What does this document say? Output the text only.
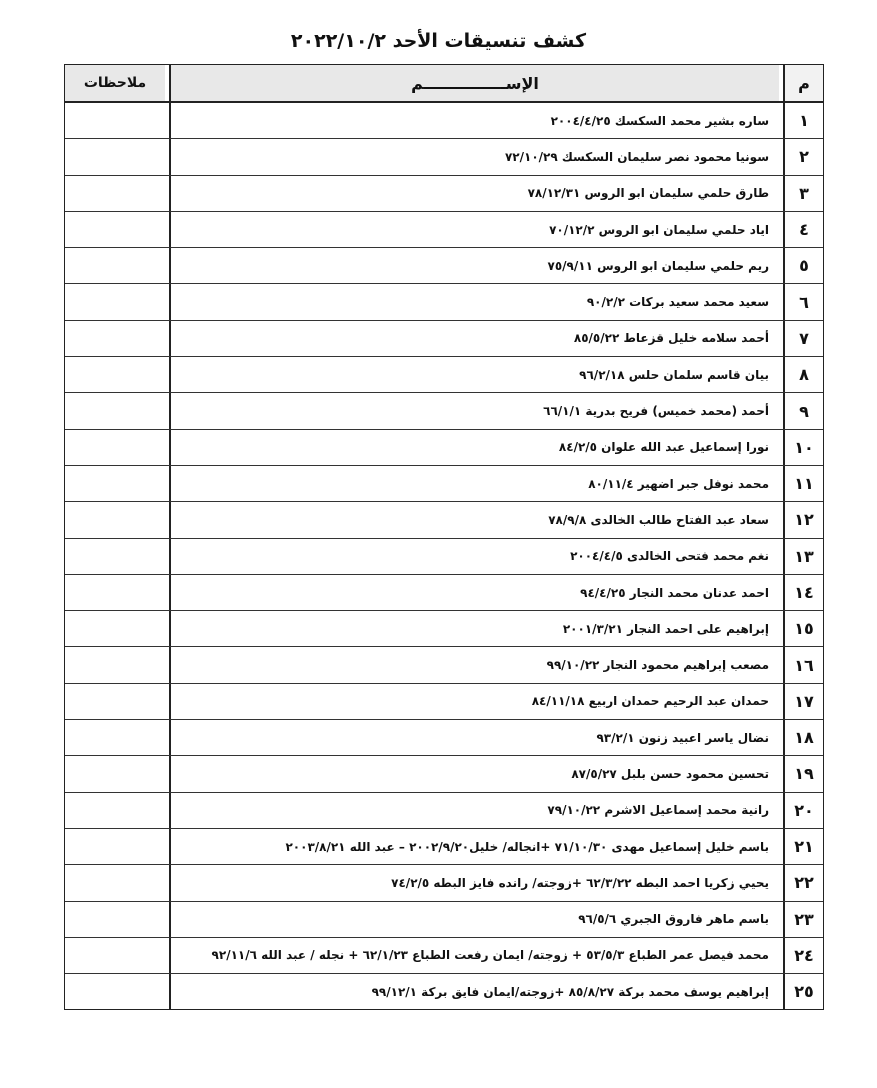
كشف تنسيقات الأحد ٢٠٢٢/١٠/٢
م
الإســـــــــــــــم
ملاحظات
١
ساره بشير محمد السكسك ٢٠٠٤/٤/٢٥
٢
سونيا محمود نصر سليمان السكسك ٧٢/١٠/٢٩
٣
طارق حلمي سليمان ابو الروس ٧٨/١٢/٣١
٤
اياد حلمي سليمان ابو الروس ٧٠/١٢/٢
٥
ريم حلمي سليمان ابو الروس ٧٥/٩/١١
٦
سعيد محمد سعيد بركات ٩٠/٢/٢
٧
أحمد سلامه خليل قزعاط ٨٥/٥/٢٢
٨
بيان قاسم سلمان حلس ٩٦/٢/١٨
٩
أحمد (محمد خميس) فريح بدرية ٦٦/١/١
١٠
نورا إسماعيل عبد الله علوان ٨٤/٢/٥
١١
محمد نوفل جبر اضهير ٨٠/١١/٤
١٢
سعاد عبد الفتاح طالب الخالدى ٧٨/٩/٨
١٣
نغم محمد فتحى الخالدى ٢٠٠٤/٤/٥
١٤
احمد عدنان محمد النجار ٩٤/٤/٢٥
١٥
إبراهيم على احمد النجار ٢٠٠١/٣/٢١
١٦
مصعب إبراهيم محمود النجار ٩٩/١٠/٢٢
١٧
حمدان عبد الرحيم حمدان اربيع ٨٤/١١/١٨
١٨
نضال ياسر اعبيد زنون ٩٣/٢/١
١٩
تحسين محمود حسن بلبل ٨٧/٥/٢٧
٢٠
رانية محمد إسماعيل الاشرم ٧٩/١٠/٢٢
٢١
باسم خليل إسماعيل مهدى ٧١/١٠/٣٠ +انجاله/ خليل٢٠٠٢/٩/٢٠ – عبد الله ٢٠٠٣/٨/٢١
٢٢
يحيي زكريا احمد البطه ٦٢/٣/٢٢ +زوجته/ رانده فايز البطه ٧٤/٢/٥
٢٣
باسم ماهر فاروق الجبري ٩٦/٥/٦
٢٤
محمد فيصل عمر الطباع ٥٣/٥/٣ + زوجته/ ايمان رفعت الطباع ٦٢/١/٢٣ + نجله / عبد الله ٩٢/١١/٦
٢٥
إبراهيم يوسف محمد بركة ٨٥/٨/٢٧ +زوجته/ايمان فايق بركة ٩٩/١٢/١
